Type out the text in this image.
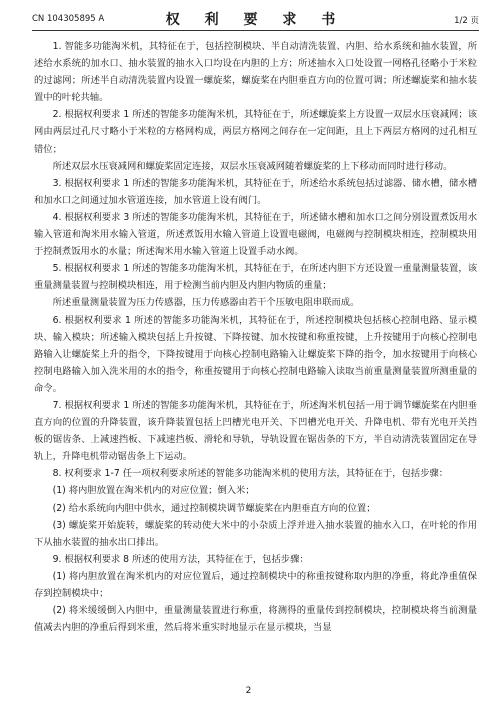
CN 104305895 A	权 利 要 求 书	1/2 页

1. 智能多功能淘米机，其特征在于，包括控制模块、半自动清洗装置、内胆、给水系统和抽水装置，所述给水系统的加水口、抽水装置的抽水入口均设在内胆的上方；所述抽水入口处设置一网格孔径略小于米粒的过滤网；所述半自动清洗装置内设置一螺旋桨，螺旋桨在内胆垂直方向的位置可调；所述螺旋桨和抽水装置中的叶轮共轴。

2. 根据权利要求 1 所述的智能多功能淘米机，其特征在于，所述螺旋桨上方设置一双层水压衰减网；该网由两层过孔尺寸略小于米粒的方格网构成，两层方格网之间存在一定间距，且上下两层方格网的过孔相互错位；

所述双层水压衰减网和螺旋桨固定连接，双层水压衰减网随着螺旋桨的上下移动而同时进行移动。

3. 根据权利要求 1 所述的智能多功能淘米机，其特征在于，所述给水系统包括过滤器、储水槽，储水槽和加水口之间通过加水管道连接，加水管道上设有阀门。

4. 根据权利要求 3 所述的智能多功能淘米机，其特征在于，所述储水槽和加水口之间分别设置煮饭用水输入管道和淘米用水输入管道，所述煮饭用水输入管道上设置电磁阀，电磁阀与控制模块相连，控制模块用于控制煮饭用水的水量；所述淘米用水输入管道上设置手动水阀。

5. 根据权利要求 1 所述的智能多功能淘米机，其特征在于，在所述内胆下方还设置一重量测量装置，该重量测量装置与控制模块相连，用于检测当前内胆及内胆内物质的重量；

所述重量测量装置为压力传感器，压力传感器由若干个压敏电阻串联而成。

6. 根据权利要求 1 所述的智能多功能淘米机，其特征在于，所述控制模块包括核心控制电路、显示模块、输入模块；所述输入模块包括上升按键、下降按键、加水按键和称重按键，上升按键用于向核心控制电路输入让螺旋桨上升的指令，下降按键用于向核心控制电路输入让螺旋桨下降的指令，加水按键用于向核心控制电路输入加入洗米用的水的指令，称重按键用于向核心控制电路输入读取当前重量测量装置所测重量的命令。

7. 根据权利要求 1 所述的智能多功能淘米机，其特征在于，所述淘米机包括一用于调节螺旋桨在内胆垂直方向的位置的升降装置，该升降装置包括上凹槽光电开关、下凹槽光电开关、升降电机、带有光电开关挡板的锯齿条、上减速挡板、下减速挡板、滑轮和导轨，导轨设置在锯齿条的下方，半自动清洗装置固定在导轨上，升降电机带动锯齿条上下运动。

8. 权利要求 1-7 任一项权利要求所述的智能多功能淘米机的使用方法，其特征在于，包括步骤：

(1) 将内胆放置在淘米机内的对应位置；倒入米；

(2) 给水系统向内胆中供水，通过控制模块调节螺旋桨在内胆垂直方向的位置；

(3) 螺旋桨开始旋转，螺旋桨的转动使大米中的小杂质上浮并进入抽水装置的抽水入口，在叶轮的作用下从抽水装置的抽水出口排出。

9. 根据权利要求 8 所述的使用方法，其特征在于，包括步骤：

(1) 将内胆放置在淘米机内的对应位置后，通过控制模块中的称重按键称取内胆的净重，将此净重值保存到控制模块中；

(2) 将米缓缓倒入内胆中，重量测量装置进行称重，将测得的重量传到控制模块，控制模块将当前测量值减去内胆的净重后得到米重，然后将米重实时地显示在显示模块，当显

2
